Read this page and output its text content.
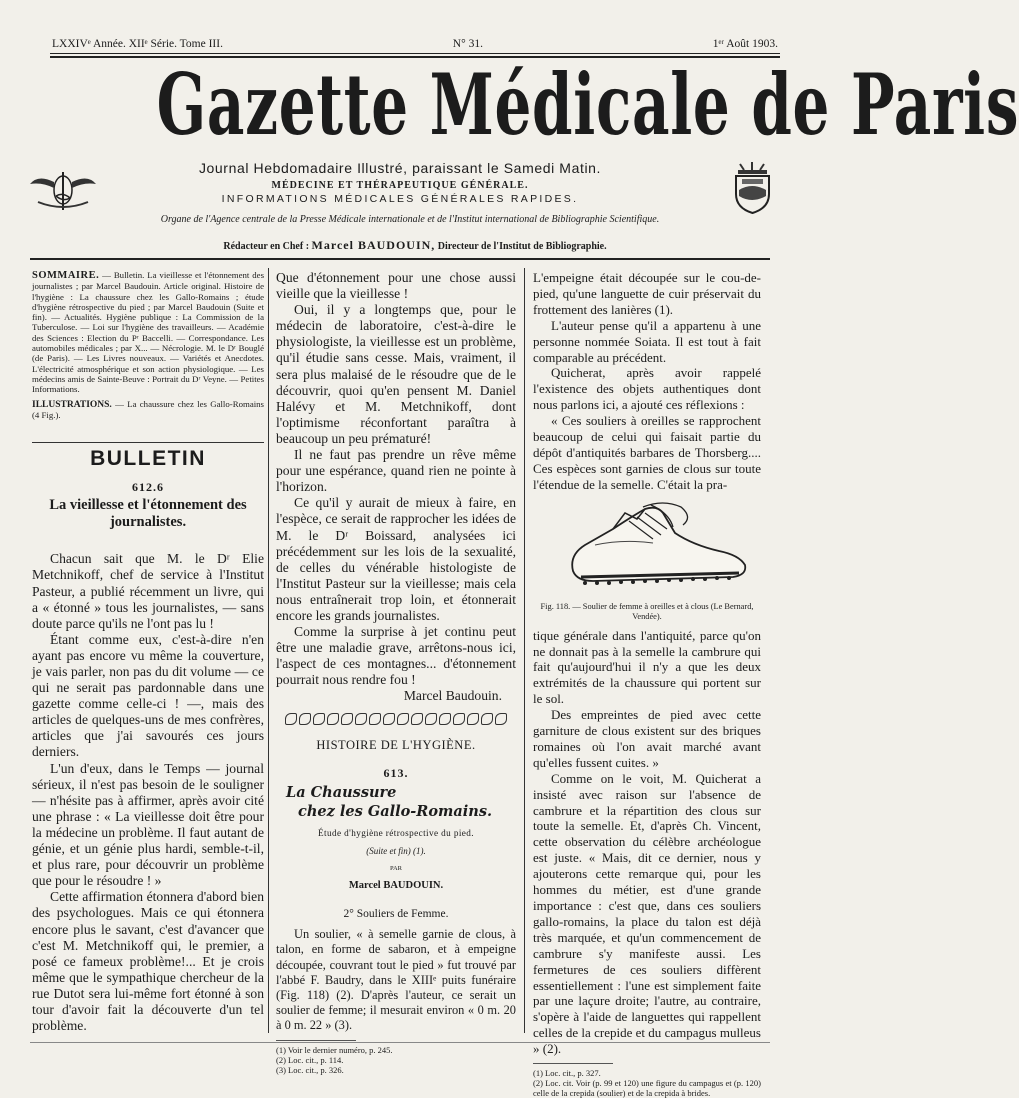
LXXIVᵉ Année. XIIᵉ Série. Tome III.	N° 31.	1ᵉʳ Août 1903.
Gazette Médicale de Paris
Journal Hebdomadaire Illustré, paraissant le Samedi Matin.
MÉDECINE ET THÉRAPEUTIQUE GÉNÉRALE.
INFORMATIONS MÉDICALES GÉNÉRALES RAPIDES.
Organe de l'Agence centrale de la Presse Médicale internationale et de l'Institut international de Bibliographie Scientifique.
Rédacteur en Chef : Marcel BAUDOUIN, Directeur de l'Institut de Bibliographie.
SOMMAIRE. — Bulletin. La vieillesse et l'étonnement des journalistes ; par Marcel Baudouin. Article original. Histoire de l'hygiène : La chaussure chez les Gallo-Romains ; étude d'hygiène rétrospective du pied ; par Marcel Baudouin (Suite et fin). — Actualités. Hygiène publique : La Commission de la Tuberculose. — Loi sur l'hygiène des travailleurs. — Académie des Sciences : Election du Pʳ Baccelli. — Correspondance. Les automobiles médicales ; par X... — Nécrologie. M. le Dʳ Bouglé (de Paris). — Les Livres nouveaux. — Variétés et Anecdotes. L'électricité atmosphérique et son action physiologique. — Les médecins amis de Sainte-Beuve : Portrait du Dʳ Veyne. — Petites Informations.
ILLUSTRATIONS. — La chaussure chez les Gallo-Romains (4 Fig.).
BULLETIN
612.6
La vieillesse et l'étonnement des journalistes.

Chacun sait que M. le Dʳ Elie Metchnikoff, chef de service à l'Institut Pasteur, a publié récemment un livre, qui a « étonné » tous les journalistes, — sans doute parce qu'ils ne l'ont pas lu !

Étant comme eux, c'est-à-dire n'en ayant pas encore vu même la couverture, je vais parler, non pas du dit volume — ce qui ne serait pas pardonnable dans une gazette comme celle-ci ! —, mais des articles de quelques-uns de mes confrères, articles que j'ai savourés ces jours derniers.

L'un d'eux, dans le Temps — journal sérieux, il n'est pas besoin de le souligner — n'hésite pas à affirmer, après avoir cité une phrase : « La vieillesse doit être pour la médecine un problème. Il faut autant de génie, et un génie plus hardi, semble-t-il, et plus rare, pour découvrir un problème que pour le résoudre ! »

Cette affirmation étonnera d'abord bien des psychologues. Mais ce qui étonnera encore plus le savant, c'est d'avancer que c'est M. Metchnikoff qui, le premier, a posé ce fameux problème!... Et je crois même que le sympathique chercheur de la rue Dutot sera lui-même fort étonné à son tour d'avoir fait la découverte d'un tel problème.

Que d'étonnement pour une chose aussi vieille que la vieillesse !

Oui, il y a longtemps que, pour le médecin de laboratoire, c'est-à-dire le physiologiste, la vieillesse est un problème, qu'il étudie sans cesse. Mais, vraiment, il sera plus malaisé de le résoudre que de le découvrir, quoi qu'en pensent M. Daniel Halévy et M. Metchnikoff, dont l'optimisme réconfortant paraîtra à beaucoup un peu prématuré!

Il ne faut pas prendre un rêve même pour une espérance, quand rien ne pointe à l'horizon.

Ce qu'il y aurait de mieux à faire, en l'espèce, ce serait de rapprocher les idées de M. le Dʳ Boissard, analysées ici précédemment sur les lois de la sexualité, de celles du vénérable histologiste de l'Institut Pasteur sur la vieillesse; mais cela nous entraînerait trop loin, et étonnerait encore les grands journalistes.

Comme la surprise à jet continu peut être une maladie grave, arrêtons-nous ici, l'aspect de ces montagnes... d'étonnement pourrait nous rendre fou !

Marcel Baudouin.
HISTOIRE DE L'HYGIÈNE.
613.
La Chaussure
chez les Gallo-Romains.
Étude d'hygiène rétrospective du pied.
(Suite et fin) (1).
PAR
Marcel BAUDOUIN.
2° Souliers de Femme.

Un soulier, « à semelle garnie de clous, à talon, en forme de sabaron, et à empeigne découpée, couvrant tout le pied » fut trouvé par l'abbé F. Baudry, dans le XIIIᵉ puits funéraire (Fig. 118) (2). D'après l'auteur, ce serait un soulier de femme; il mesurait environ « 0 m. 20 à 0 m. 22 » (3).

(1) Voir le dernier numéro, p. 245.
(2) Loc. cit., p. 114.
(3) Loc. cit., p. 326.

L'empeigne était découpée sur le cou-de-pied, qu'une languette de cuir préservait du frottement des lanières (1).

L'auteur pense qu'il a appartenu à une personne nommée Soiata. Il est tout à fait comparable au précédent.

Quicherat, après avoir rappelé l'existence des objets authentiques dont nous parlons ici, a ajouté ces réflexions :

« Ces souliers à oreilles se rapprochent beaucoup de celui qui faisait partie du dépôt d'antiquités barbares de Thorsberg.... Ces espèces sont garnies de clous sur toute l'étendue de la semelle. C'était la pra-

Fig. 118. — Soulier de femme à oreilles et à clous (Le Bernard, Vendée).

tique générale dans l'antiquité, parce qu'on ne donnait pas à la semelle la cambrure qui fait qu'aujourd'hui il n'y a que les deux extrémités de la chaussure qui portent sur le sol.

Des empreintes de pied avec cette garniture de clous existent sur des briques romaines où l'on avait marché avant qu'elles fussent cuites. »

Comme on le voit, M. Quicherat a insisté avec raison sur l'absence de cambrure et la répartition des clous sur toute la semelle. Et, d'après Ch. Vincent, cette observation du célèbre archéologue est juste. « Mais, dit ce dernier, nous y ajouterons cette remarque qui, pour les hommes du métier, est d'une grande importance : c'est que, dans ces souliers gallo-romains, la place du talon est déjà très marquée, et qu'un commencement de cambrure s'y manifeste aussi. Les fermetures de ces souliers diffèrent essentiellement : l'une est simplement faite par une laçure droite; l'autre, au contraire, s'opère à l'aide de languettes qui rappellent celles de la crepide et du campagus mulleus » (2).

(1) Loc. cit., p. 327.
(2) Loc. cit. Voir (p. 99 et 120) une figure du campagus et (p. 120) celle de la crepida (soulier) et de la crepida à brides.
